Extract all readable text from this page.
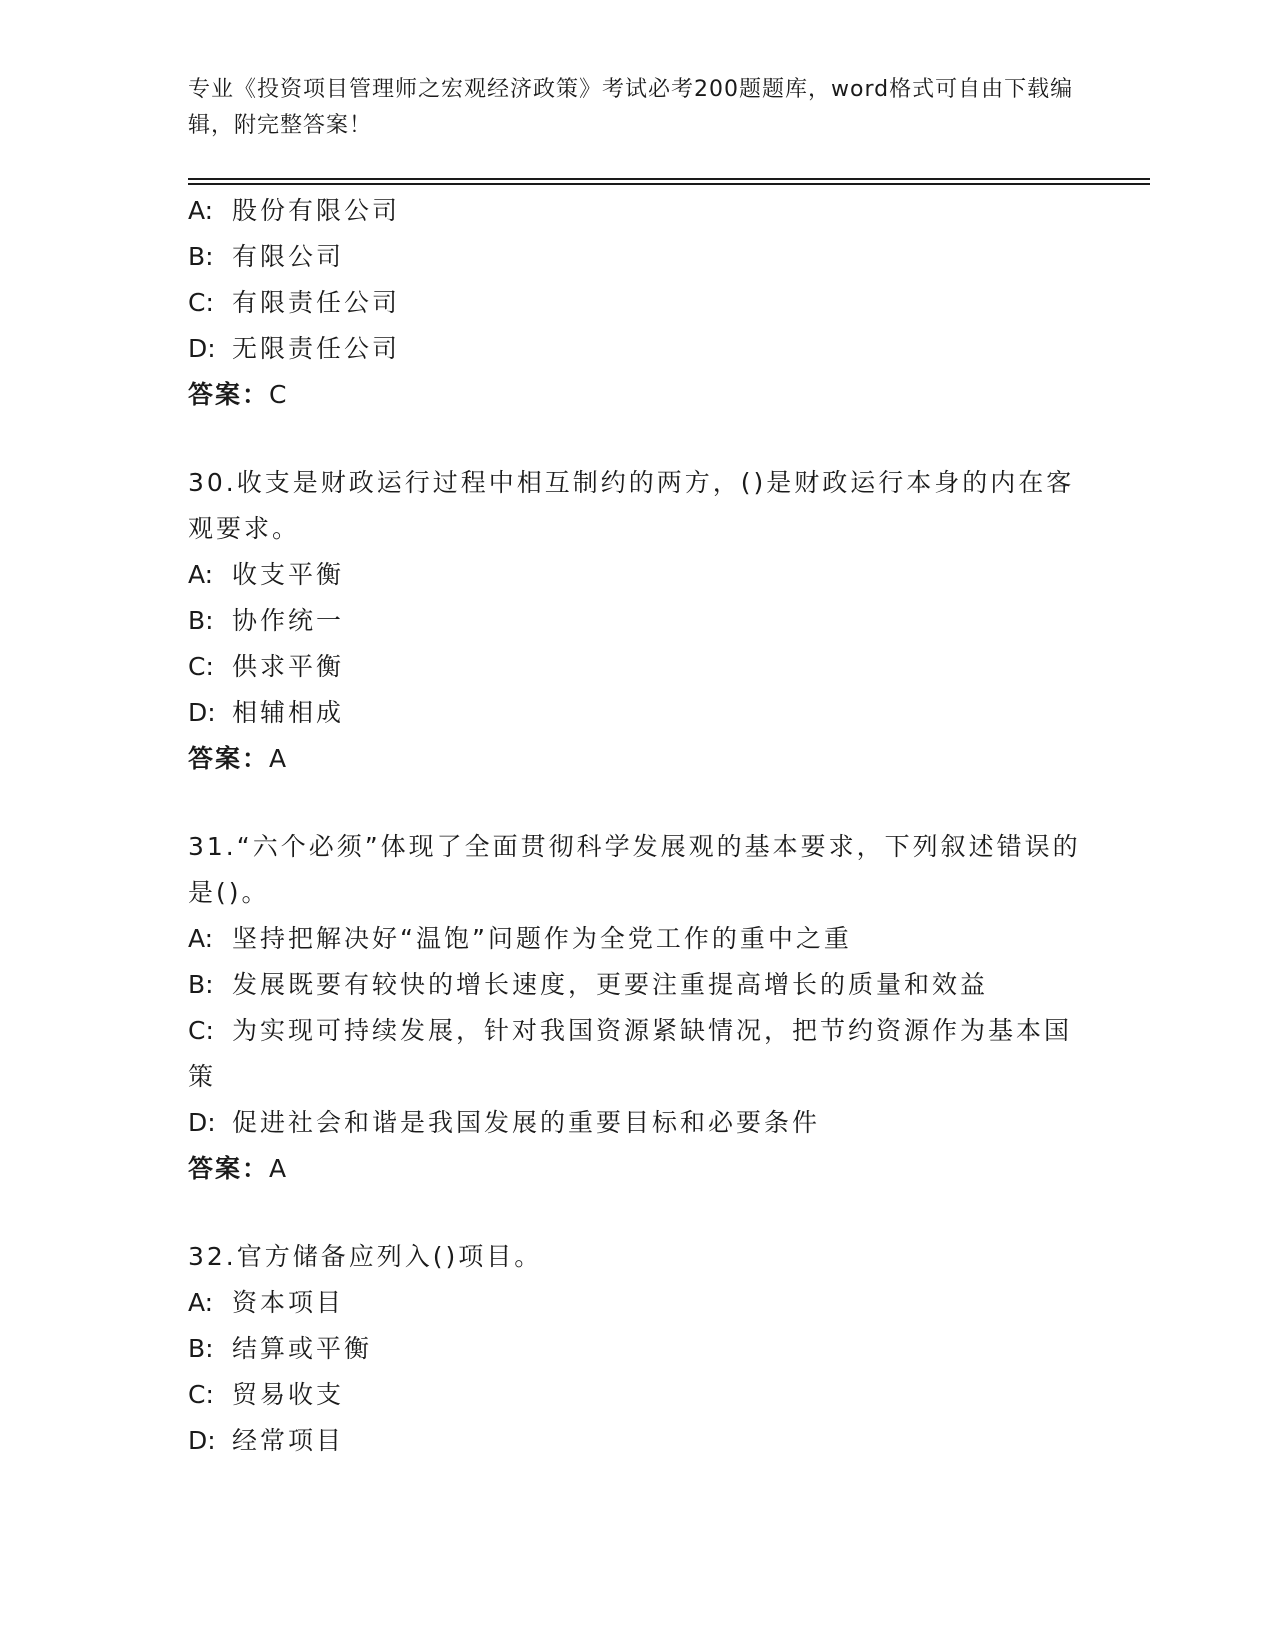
专业《投资项目管理师之宏观经济政策》考试必考200题题库，word格式可自由下载编辑，附完整答案！
A: 股份有限公司
B: 有限公司
C: 有限责任公司
D: 无限责任公司
答案：C
30.收支是财政运行过程中相互制约的两方，()是财政运行本身的内在客观要求。
A: 收支平衡
B: 协作统一
C: 供求平衡
D: 相辅相成
答案：A
31.“六个必须”体现了全面贯彻科学发展观的基本要求，下列叙述错误的是()。
A: 坚持把解决好“温饱”问题作为全党工作的重中之重
B: 发展既要有较快的增长速度，更要注重提高增长的质量和效益
C: 为实现可持续发展，针对我国资源紧缺情况，把节约资源作为基本国策
D: 促进社会和谐是我国发展的重要目标和必要条件
答案：A
32.官方储备应列入()项目。
A: 资本项目
B: 结算或平衡
C: 贸易收支
D: 经常项目
